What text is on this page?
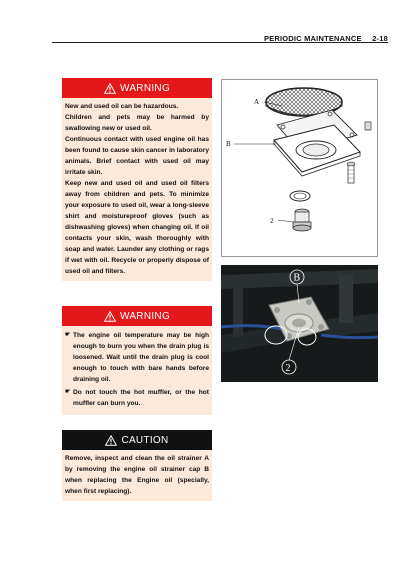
PERIODIC MAINTENANCE 2-18
WARNING

New and used oil can be hazardous.

Children and pets may be harmed by swallowing new or used oil.

Continuous contact with used engine oil has been found to cause skin cancer in laboratory animals. Brief contact with used oil may irritate skin.

Keep new and used oil and used oil filters away from children and pets. To minimize your exposure to used oil, wear a long-sleeve shirt and moistureproof gloves (such as dishwashing gloves) when changing oil. If oil contacts your skin, wash thoroughly with soap and water. Launder any clothing or rags if wet with oil. Recycle or properly dispose of used oil and filters.

WARNING
☛ The engine oil temperature may be high enough to burn you when the drain plug is loosened. Wait until the drain plug is cool enough to touch with bare hands before draining oil.
☛ Do not touch the hot muffler, or the hot muffler can burn you.
CAUTION

Remove, inspect and clean the oil strainer A by removing the engine oil strainer cap B when replacing the Engine oil (specially, when first replacing).

A
B
2
B
2
